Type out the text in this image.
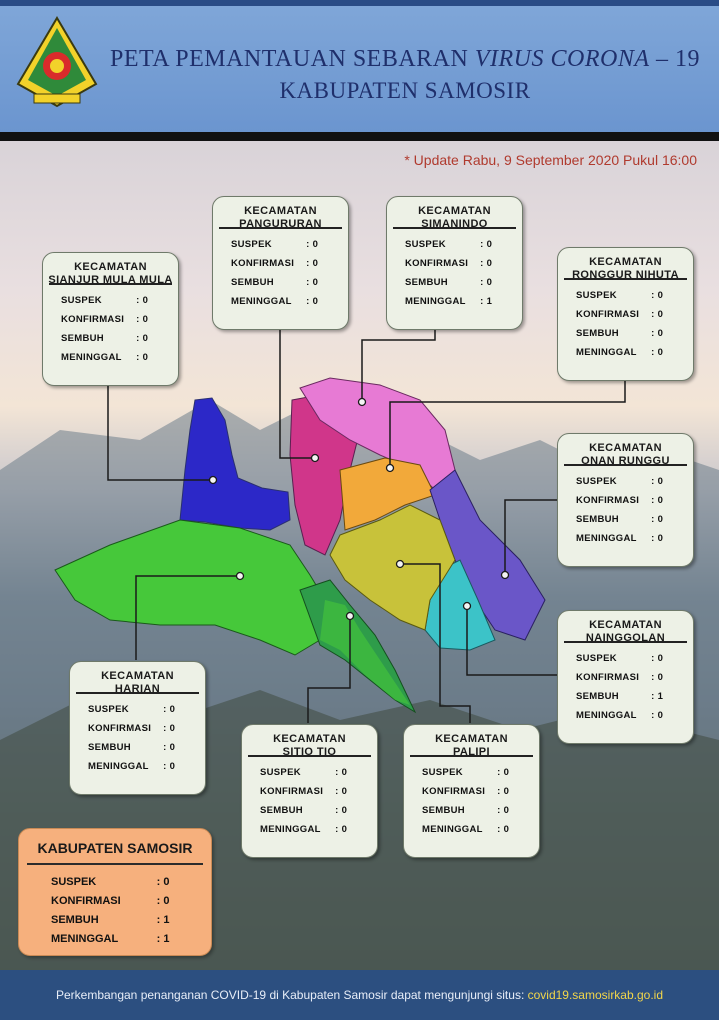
PETA PEMANTAUAN SEBARAN VIRUS CORONA – 19
KABUPATEN SAMOSIR
* Update Rabu, 9 September 2020 Pukul 16:00
KECAMATAN
SIANJUR MULA MULA
SUSPEK	: 0
KONFIRMASI	: 0
SEMBUH	: 0
MENINGGAL	: 0
KECAMATAN
PANGURURAN
SUSPEK	: 0
KONFIRMASI	: 0
SEMBUH	: 0
MENINGGAL	: 0
KECAMATAN
SIMANINDO
SUSPEK	: 0
KONFIRMASI	: 0
SEMBUH	: 0
MENINGGAL	: 1
KECAMATAN
RONGGUR NIHUTA
SUSPEK	: 0
KONFIRMASI	: 0
SEMBUH	: 0
MENINGGAL	: 0
KECAMATAN
ONAN RUNGGU
SUSPEK	: 0
KONFIRMASI	: 0
SEMBUH	: 0
MENINGGAL	: 0
KECAMATAN
NAINGGOLAN
SUSPEK	: 0
KONFIRMASI	: 0
SEMBUH	: 1
MENINGGAL	: 0
KECAMATAN
HARIAN
SUSPEK	: 0
KONFIRMASI	: 0
SEMBUH	: 0
MENINGGAL	: 0
KECAMATAN
SITIO TIO
SUSPEK	: 0
KONFIRMASI	: 0
SEMBUH	: 0
MENINGGAL	: 0
KECAMATAN
PALIPI
SUSPEK	: 0
KONFIRMASI	: 0
SEMBUH	: 0
MENINGGAL	: 0
KABUPATEN SAMOSIR
SUSPEK	: 0
KONFIRMASI	: 0
SEMBUH	: 1
MENINGGAL	: 1
Perkembangan penanganan COVID-19 di Kabupaten Samosir dapat mengunjungi situs: covid19.samosirkab.go.id
